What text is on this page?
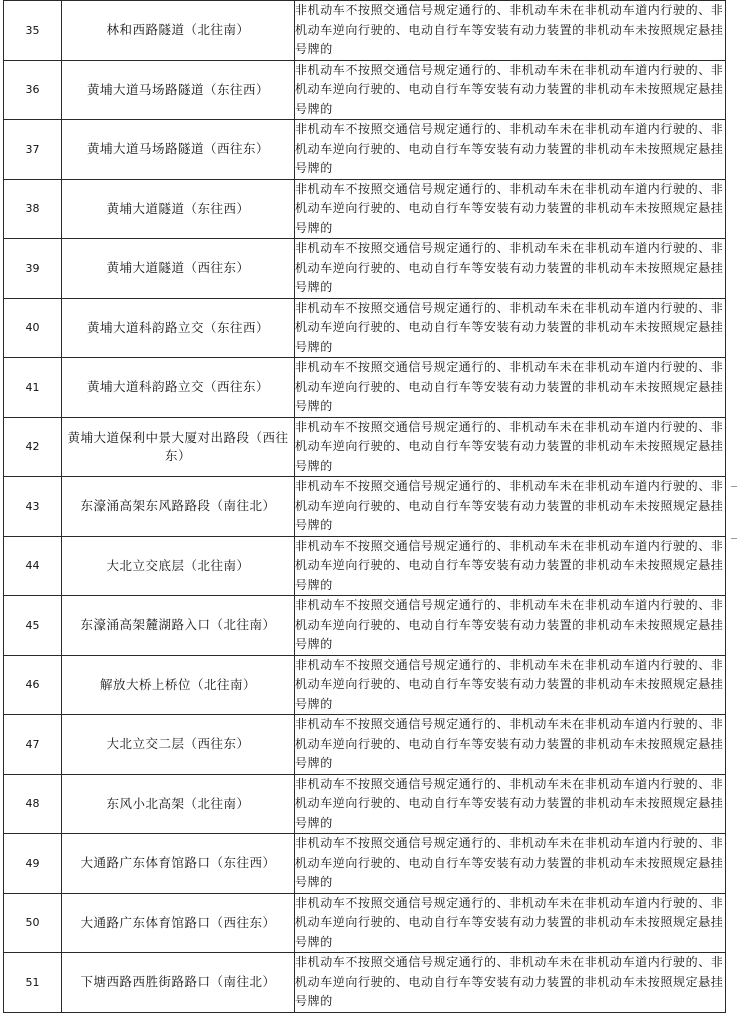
35	林和西路隧道（北往南）	非机动车不按照交通信号规定通行的、非机动车未在非机动车道内行驶的、非机动车逆向行驶的、电动自行车等安装有动力装置的非机动车未按照规定悬挂号牌的
36	黄埔大道马场路隧道（东往西）	非机动车不按照交通信号规定通行的、非机动车未在非机动车道内行驶的、非机动车逆向行驶的、电动自行车等安装有动力装置的非机动车未按照规定悬挂号牌的
37	黄埔大道马场路隧道（西往东）	非机动车不按照交通信号规定通行的、非机动车未在非机动车道内行驶的、非机动车逆向行驶的、电动自行车等安装有动力装置的非机动车未按照规定悬挂号牌的
38	黄埔大道隧道（东往西）	非机动车不按照交通信号规定通行的、非机动车未在非机动车道内行驶的、非机动车逆向行驶的、电动自行车等安装有动力装置的非机动车未按照规定悬挂号牌的
39	黄埔大道隧道（西往东）	非机动车不按照交通信号规定通行的、非机动车未在非机动车道内行驶的、非机动车逆向行驶的、电动自行车等安装有动力装置的非机动车未按照规定悬挂号牌的
40	黄埔大道科韵路立交（东往西）	非机动车不按照交通信号规定通行的、非机动车未在非机动车道内行驶的、非机动车逆向行驶的、电动自行车等安装有动力装置的非机动车未按照规定悬挂号牌的
41	黄埔大道科韵路立交（西往东）	非机动车不按照交通信号规定通行的、非机动车未在非机动车道内行驶的、非机动车逆向行驶的、电动自行车等安装有动力装置的非机动车未按照规定悬挂号牌的
42	黄埔大道保利中景大厦对出路段（西往东）	非机动车不按照交通信号规定通行的、非机动车未在非机动车道内行驶的、非机动车逆向行驶的、电动自行车等安装有动力装置的非机动车未按照规定悬挂号牌的
43	东濠涌高架东风路路段（南往北）	非机动车不按照交通信号规定通行的、非机动车未在非机动车道内行驶的、非机动车逆向行驶的、电动自行车等安装有动力装置的非机动车未按照规定悬挂号牌的
44	大北立交底层（北往南）	非机动车不按照交通信号规定通行的、非机动车未在非机动车道内行驶的、非机动车逆向行驶的、电动自行车等安装有动力装置的非机动车未按照规定悬挂号牌的
45	东濠涌高架麓湖路入口（北往南）	非机动车不按照交通信号规定通行的、非机动车未在非机动车道内行驶的、非机动车逆向行驶的、电动自行车等安装有动力装置的非机动车未按照规定悬挂号牌的
46	解放大桥上桥位（北往南）	非机动车不按照交通信号规定通行的、非机动车未在非机动车道内行驶的、非机动车逆向行驶的、电动自行车等安装有动力装置的非机动车未按照规定悬挂号牌的
47	大北立交二层（西往东）	非机动车不按照交通信号规定通行的、非机动车未在非机动车道内行驶的、非机动车逆向行驶的、电动自行车等安装有动力装置的非机动车未按照规定悬挂号牌的
48	东风小北高架（北往南）	非机动车不按照交通信号规定通行的、非机动车未在非机动车道内行驶的、非机动车逆向行驶的、电动自行车等安装有动力装置的非机动车未按照规定悬挂号牌的
49	大通路广东体育馆路口（东往西）	非机动车不按照交通信号规定通行的、非机动车未在非机动车道内行驶的、非机动车逆向行驶的、电动自行车等安装有动力装置的非机动车未按照规定悬挂号牌的
50	大通路广东体育馆路口（西往东）	非机动车不按照交通信号规定通行的、非机动车未在非机动车道内行驶的、非机动车逆向行驶的、电动自行车等安装有动力装置的非机动车未按照规定悬挂号牌的
51	下塘西路西胜街路路口（南往北）	非机动车不按照交通信号规定通行的、非机动车未在非机动车道内行驶的、非机动车逆向行驶的、电动自行车等安装有动力装置的非机动车未按照规定悬挂号牌的
